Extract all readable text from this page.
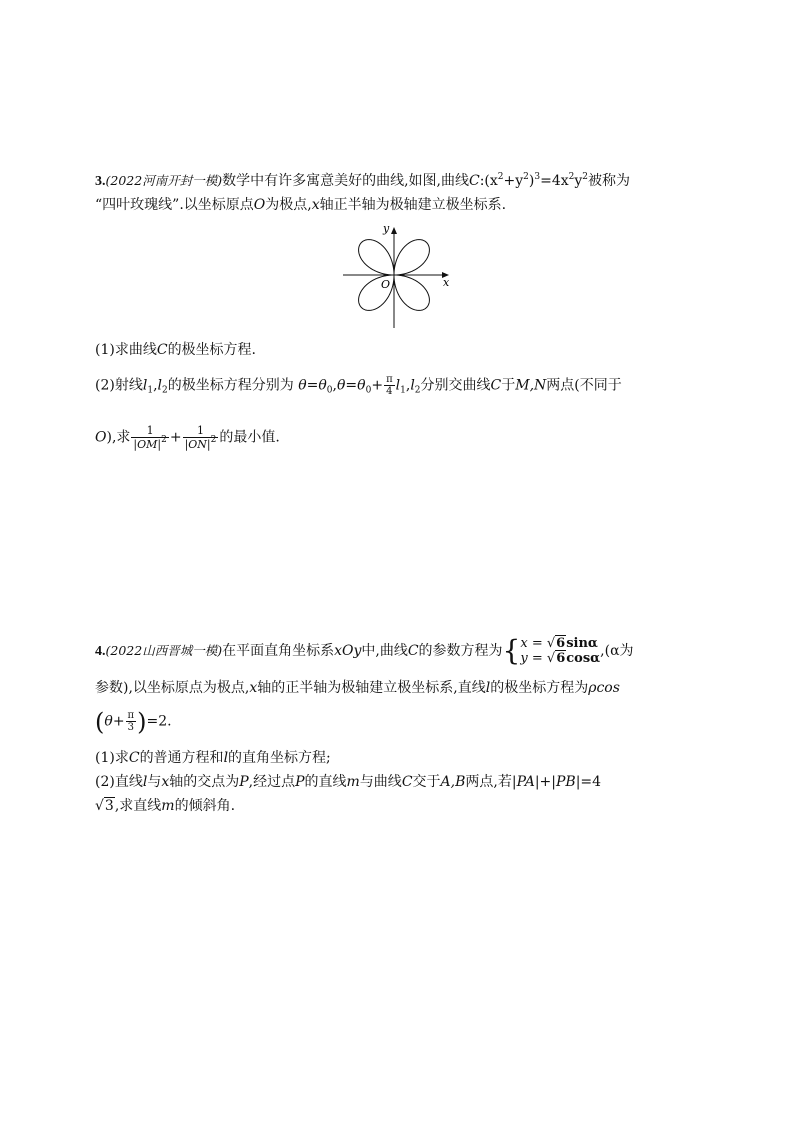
3.(2022河南开封一模)数学中有许多寓意美好的曲线,如图,曲线$C:(x^2+y^2)^3=4x^2y^2$被称为
“四叶玫瑰线”.以坐标原点O为极点,x轴正半轴为极轴建立极坐标系.
x
y
O
(1)求曲线C的极坐标方程.
(2)射线$l_1,l_2$的极坐标方程分别为 $\theta=\theta_0,\theta=\theta_0+ \frac{\pi}{4} l_1,l_2$分别交曲线C于M,N两点(不同于
O),求 $\frac{1}{|OM|^2} + \frac{1}{|ON|^2}$ 的最小值.
4.(2022山西晋城一模)在平面直角坐标系xOy中,曲线C的参数方程为{ x = √6sinα
y = √6cosα ,(α为
参数),以坐标原点为极点,x轴的正半轴为极轴建立极坐标系,直线l的极坐标方程为ρcos
$(\theta+ \frac{\pi}{3} )=2$.
(1)求C的普通方程和l的直角坐标方程;
(2)直线l与x轴的交点为P,经过点P的直线m与曲线C交于A,B两点,若|PA|+|PB|=4
√3,求直线m的倾斜角.
